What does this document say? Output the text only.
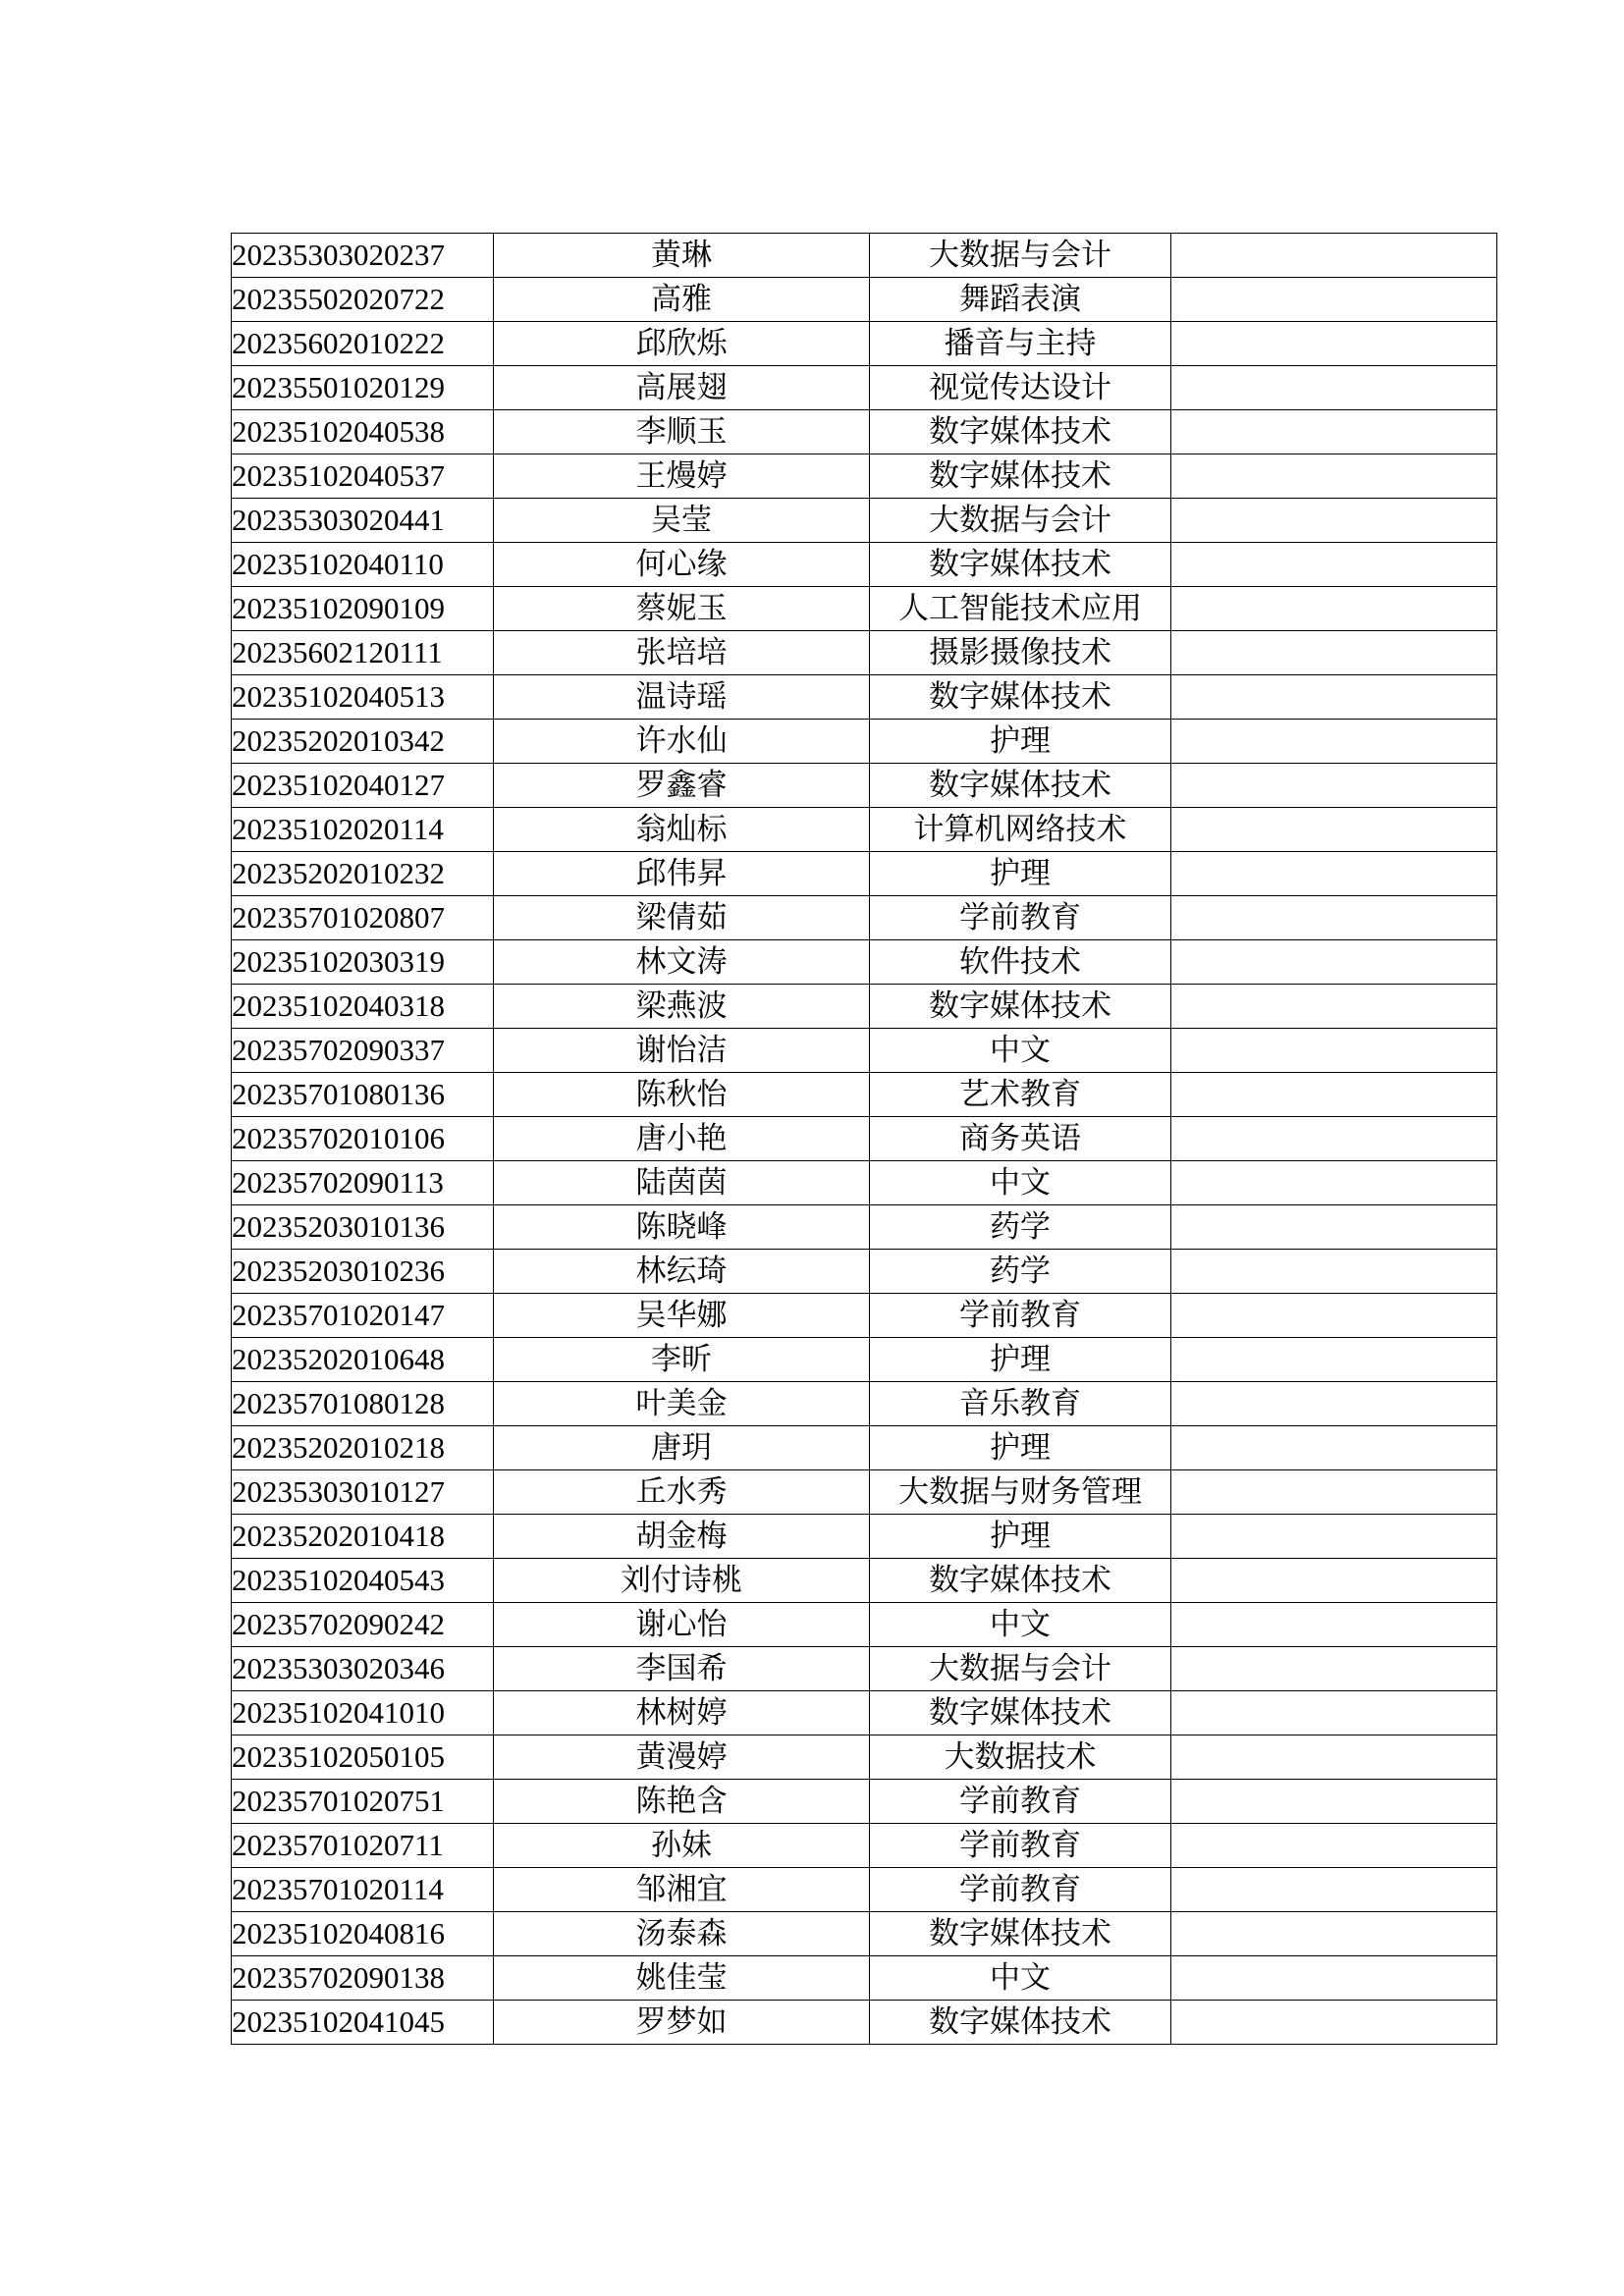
20235303020237	黄琳	大数据与会计	
20235502020722	高雅	舞蹈表演	
20235602010222	邱欣烁	播音与主持	
20235501020129	高展翅	视觉传达设计	
20235102040538	李顺玉	数字媒体技术	
20235102040537	王熳婷	数字媒体技术	
20235303020441	吴莹	大数据与会计	
20235102040110	何心缘	数字媒体技术	
20235102090109	蔡妮玉	人工智能技术应用	
20235602120111	张培培	摄影摄像技术	
20235102040513	温诗瑶	数字媒体技术	
20235202010342	许水仙	护理	
20235102040127	罗鑫睿	数字媒体技术	
20235102020114	翁灿标	计算机网络技术	
20235202010232	邱伟昇	护理	
20235701020807	梁倩茹	学前教育	
20235102030319	林文涛	软件技术	
20235102040318	梁燕波	数字媒体技术	
20235702090337	谢怡洁	中文	
20235701080136	陈秋怡	艺术教育	
20235702010106	唐小艳	商务英语	
20235702090113	陆茵茵	中文	
20235203010136	陈晓峰	药学	
20235203010236	林纭琦	药学	
20235701020147	吴华娜	学前教育	
20235202010648	李昕	护理	
20235701080128	叶美金	音乐教育	
20235202010218	唐玥	护理	
20235303010127	丘水秀	大数据与财务管理	
20235202010418	胡金梅	护理	
20235102040543	刘付诗桃	数字媒体技术	
20235702090242	谢心怡	中文	
20235303020346	李国希	大数据与会计	
20235102041010	林树婷	数字媒体技术	
20235102050105	黄漫婷	大数据技术	
20235701020751	陈艳含	学前教育	
20235701020711	孙妹	学前教育	
20235701020114	邹湘宜	学前教育	
20235102040816	汤泰森	数字媒体技术	
20235702090138	姚佳莹	中文	
20235102041045	罗梦如	数字媒体技术	
